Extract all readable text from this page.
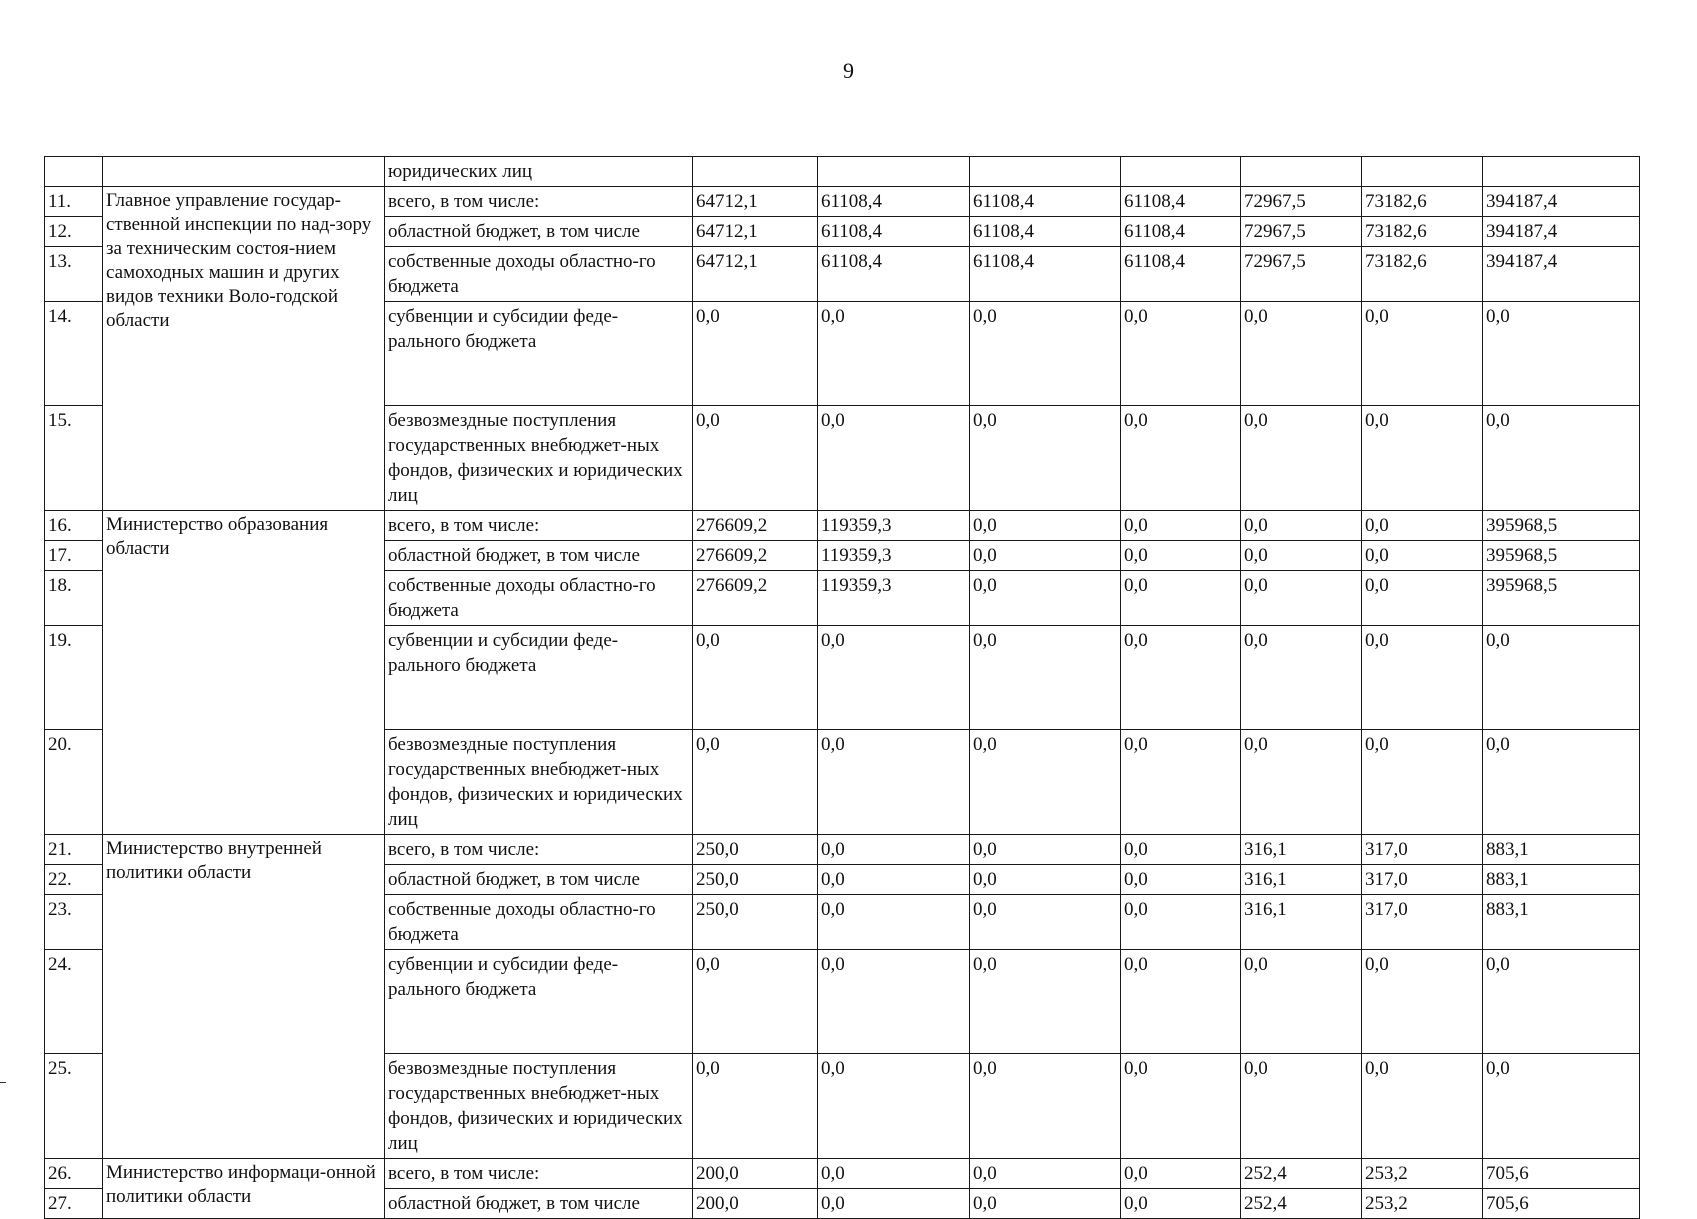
9
		юридических лиц							
11.	Главное управление государ-ственной инспекции по над-зору за техническим состоя-нием самоходных машин и других видов техники Воло-годской области	всего, в том числе:	64712,1	61108,4	61108,4	61108,4	72967,5	73182,6	394187,4
12.		областной бюджет, в том числе	64712,1	61108,4	61108,4	61108,4	72967,5	73182,6	394187,4
13.		собственные доходы областно-го бюджета	64712,1	61108,4	61108,4	61108,4	72967,5	73182,6	394187,4
14.		субвенции и субсидии феде-рального бюджета	0,0	0,0	0,0	0,0	0,0	0,0	0,0
15.		безвозмездные поступления государственных внебюджет-ных фондов, физических и юридических лиц	0,0	0,0	0,0	0,0	0,0	0,0	0,0
16.	Министерство образования области	всего, в том числе:	276609,2	119359,3	0,0	0,0	0,0	0,0	395968,5
17.		областной бюджет, в том числе	276609,2	119359,3	0,0	0,0	0,0	0,0	395968,5
18.		собственные доходы областно-го бюджета	276609,2	119359,3	0,0	0,0	0,0	0,0	395968,5
19.		субвенции и субсидии феде-рального бюджета	0,0	0,0	0,0	0,0	0,0	0,0	0,0
20.		безвозмездные поступления государственных внебюджет-ных фондов, физических и юридических лиц	0,0	0,0	0,0	0,0	0,0	0,0	0,0
21.	Министерство внутренней политики области	всего, в том числе:	250,0	0,0	0,0	0,0	316,1	317,0	883,1
22.		областной бюджет, в том числе	250,0	0,0	0,0	0,0	316,1	317,0	883,1
23.		собственные доходы областно-го бюджета	250,0	0,0	0,0	0,0	316,1	317,0	883,1
24.		субвенции и субсидии феде-рального бюджета	0,0	0,0	0,0	0,0	0,0	0,0	0,0
25.		безвозмездные поступления государственных внебюджет-ных фондов, физических и юридических лиц	0,0	0,0	0,0	0,0	0,0	0,0	0,0
26.	Министерство информаци-онной политики области	всего, в том числе:	200,0	0,0	0,0	0,0	252,4	253,2	705,6
27.		областной бюджет, в том числе	200,0	0,0	0,0	0,0	252,4	253,2	705,6
